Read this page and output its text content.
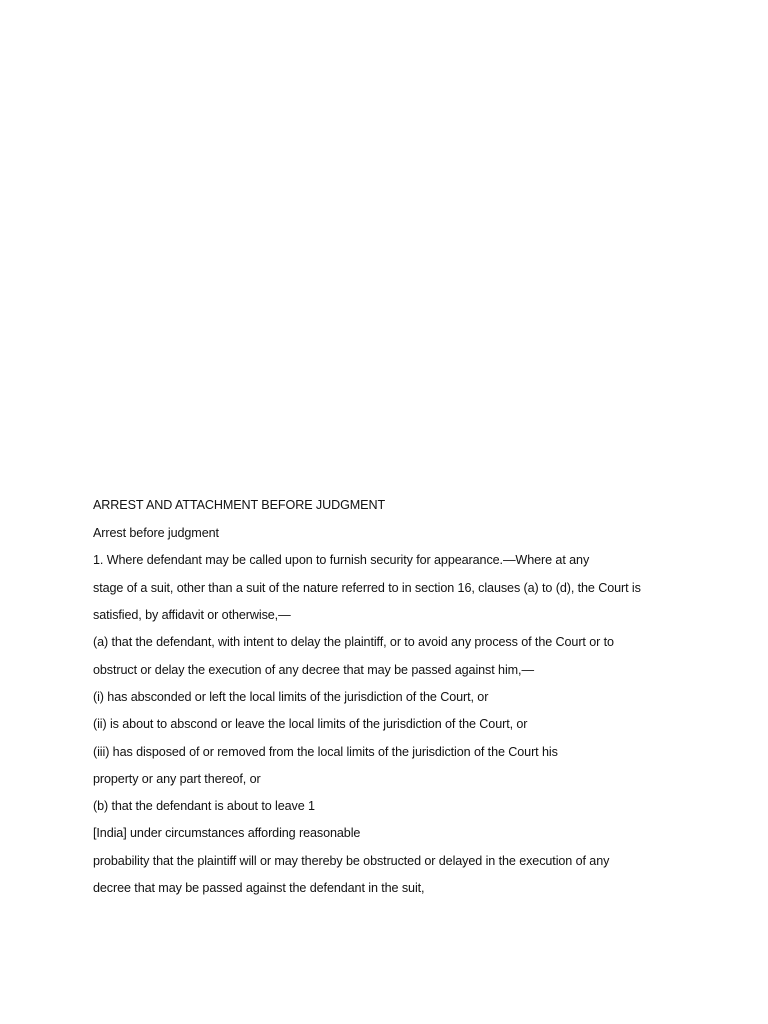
ARREST AND ATTACHMENT BEFORE JUDGMENT
Arrest before judgment
1. Where defendant may be called upon to furnish security for appearance.—Where at any
stage of a suit, other than a suit of the nature referred to in section 16, clauses (a) to (d), the Court is
satisfied, by affidavit or otherwise,—
(a) that the defendant, with intent to delay the plaintiff, or to avoid any process of the Court or to
obstruct or delay the execution of any decree that may be passed against him,—
(i) has absconded or left the local limits of the jurisdiction of the Court, or
(ii) is about to abscond or leave the local limits of the jurisdiction of the Court, or
(iii) has disposed of or removed from the local limits of the jurisdiction of the Court his
property or any part thereof, or
(b) that the defendant is about to leave 1
[India] under circumstances affording reasonable
probability that the plaintiff will or may thereby be obstructed or delayed in the execution of any
decree that may be passed against the defendant in the suit,
